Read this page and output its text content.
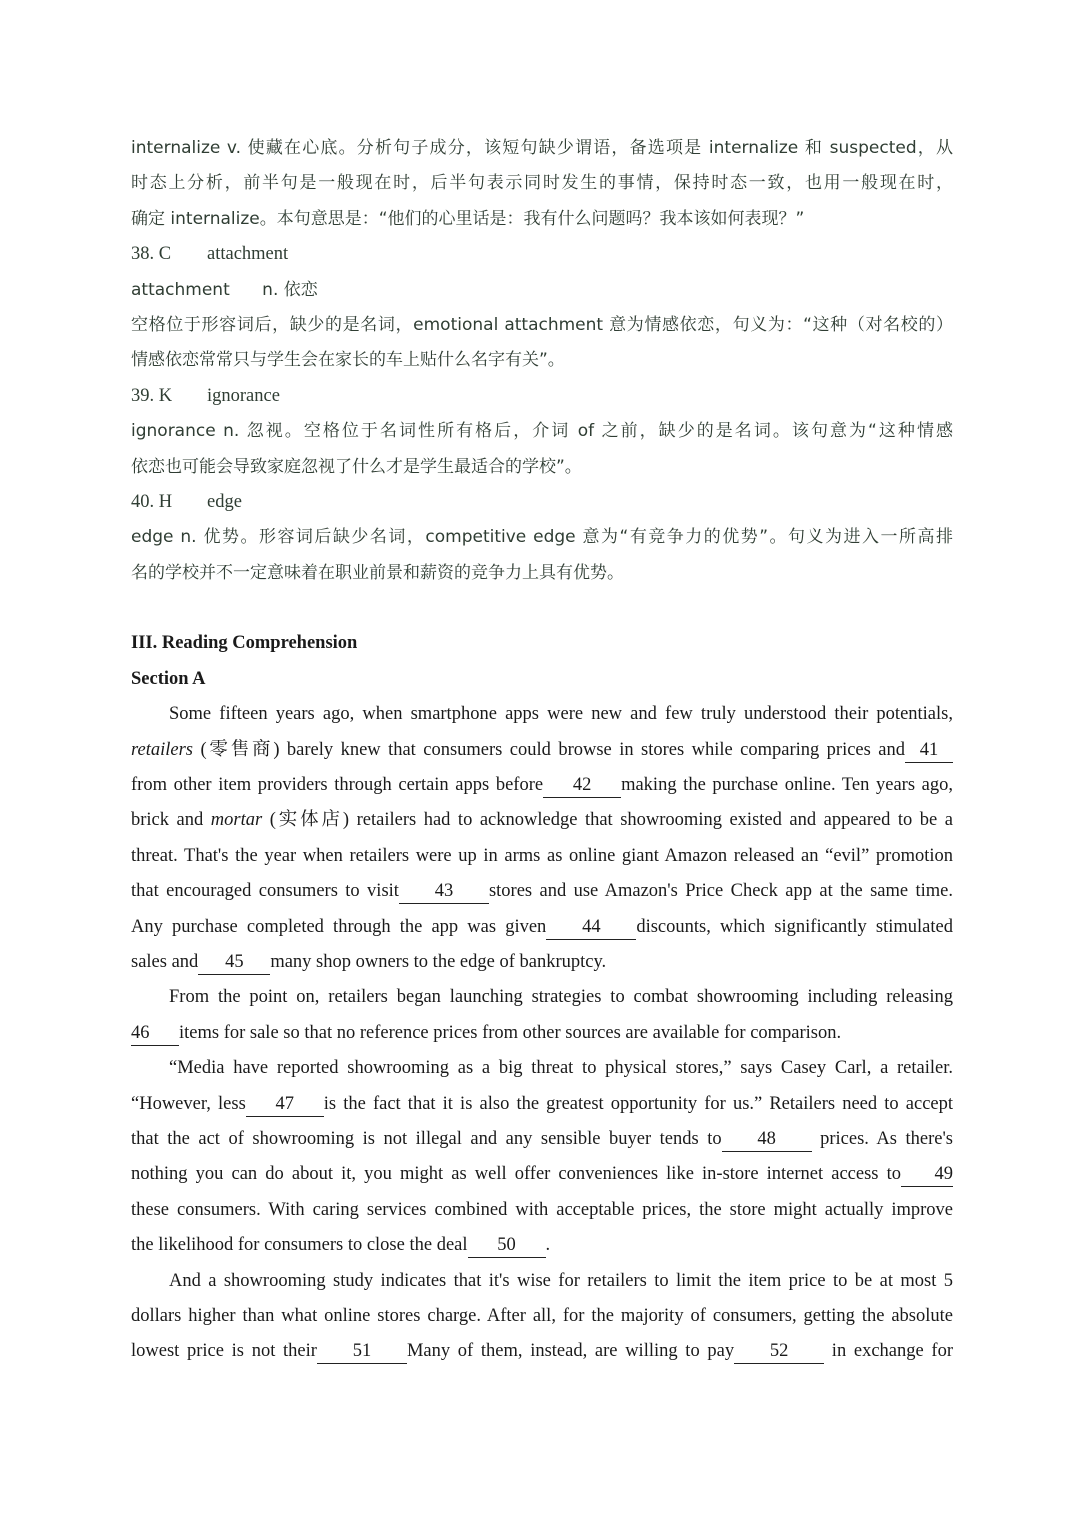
internalize v. 使藏在心底。分析句子成分，该短句缺少谓语，备选项是 internalize 和 suspected，从
时态上分析，前半句是一般现在时，后半句表示同时发生的事情，保持时态一致，也用一般现在时，
确定 internalize。本句意思是：“他们的心里话是：我有什么问题吗？我本该如何表现？”
38. C attachment
attachment      n. 依恋
空格位于形容词后，缺少的是名词，emotional attachment 意为情感依恋，句义为：“这种（对名校的）
情感依恋常常只与学生会在家长的车上贴什么名字有关”。
39. K ignorance
ignorance n. 忽视。空格位于名词性所有格后，介词 of 之前，缺少的是名词。该句意为“这种情感
依恋也可能会导致家庭忽视了什么才是学生最适合的学校”。
40. H edge
edge n. 优势。形容词后缺少名词，competitive edge 意为“有竞争力的优势”。句义为进入一所高排
名的学校并不一定意味着在职业前景和薪资的竞争力上具有优势。
III. Reading Comprehension
Section A
Some fifteen years ago, when smartphone apps were new and few truly understood their potentials,
retailers (零售商) barely knew that consumers could browse in stores while comparing prices and 41
from other item providers through certain apps before 42 making the purchase online. Ten years ago,
brick and mortar (实体店) retailers had to acknowledge that showrooming existed and appeared to be a
threat. That's the year when retailers were up in arms as online giant Amazon released an “evil” promotion
that encouraged consumers to visit 43 stores and use Amazon's Price Check app at the same time.
Any purchase completed through the app was given 44 discounts, which significantly stimulated
sales and 45 many shop owners to the edge of bankruptcy.
From the point on, retailers began launching strategies to combat showrooming including releasing
46 items for sale so that no reference prices from other sources are available for comparison.
“Media have reported showrooming as a big threat to physical stores,” says Casey Carl, a retailer.
“However, less 47 is the fact that it is also the greatest opportunity for us.” Retailers need to accept
that the act of showrooming is not illegal and any sensible buyer tends to 48 prices. As there's
nothing you can do about it, you might as well offer conveniences like in-store internet access to 49
these consumers. With caring services combined with acceptable prices, the store might actually improve
the likelihood for consumers to close the deal 50 .
And a showrooming study indicates that it's wise for retailers to limit the item price to be at most 5
dollars higher than what online stores charge. After all, for the majority of consumers, getting the absolute
lowest price is not their 51 Many of them, instead, are willing to pay 52 in exchange for
